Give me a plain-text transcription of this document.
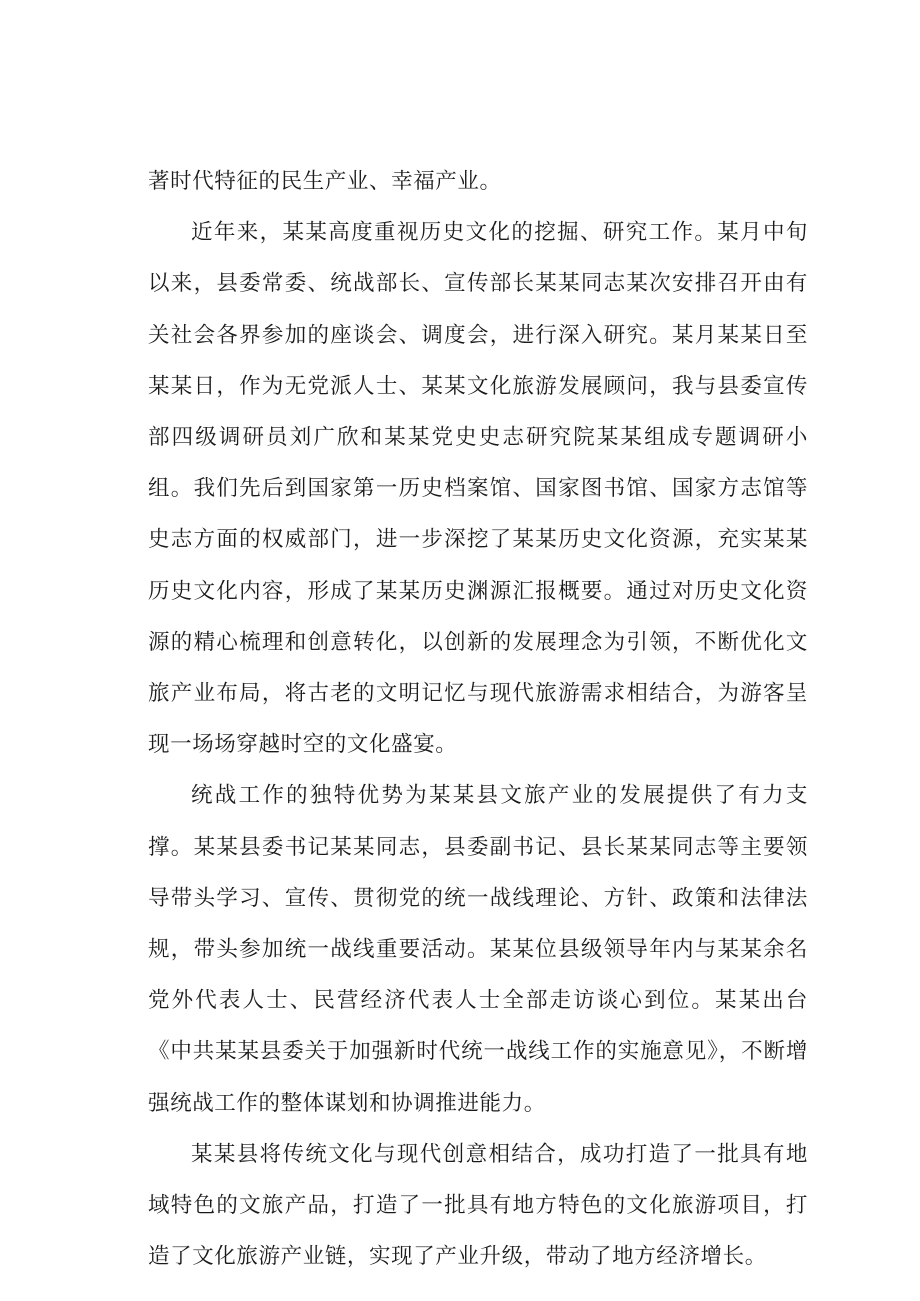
著时代特征的民生产业、幸福产业。

近年来，某某高度重视历史文化的挖掘、研究工作。某月中旬以来，县委常委、统战部长、宣传部长某某同志某次安排召开由有关社会各界参加的座谈会、调度会，进行深入研究。某月某某日至某某日，作为无党派人士、某某文化旅游发展顾问，我与县委宣传部四级调研员刘广欣和某某党史史志研究院某某组成专题调研小组。我们先后到国家第一历史档案馆、国家图书馆、国家方志馆等史志方面的权威部门，进一步深挖了某某历史文化资源，充实某某历史文化内容，形成了某某历史渊源汇报概要。通过对历史文化资源的精心梳理和创意转化，以创新的发展理念为引领，不断优化文旅产业布局，将古老的文明记忆与现代旅游需求相结合，为游客呈现一场场穿越时空的文化盛宴。

统战工作的独特优势为某某县文旅产业的发展提供了有力支撑。某某县委书记某某同志，县委副书记、县长某某同志等主要领导带头学习、宣传、贯彻党的统一战线理论、方针、政策和法律法规，带头参加统一战线重要活动。某某位县级领导年内与某某余名党外代表人士、民营经济代表人士全部走访谈心到位。某某出台《中共某某县委关于加强新时代统一战线工作的实施意见》，不断增强统战工作的整体谋划和协调推进能力。

某某县将传统文化与现代创意相结合，成功打造了一批具有地域特色的文旅产品，打造了一批具有地方特色的文化旅游项目，打造了文化旅游产业链，实现了产业升级，带动了地方经济增长。
